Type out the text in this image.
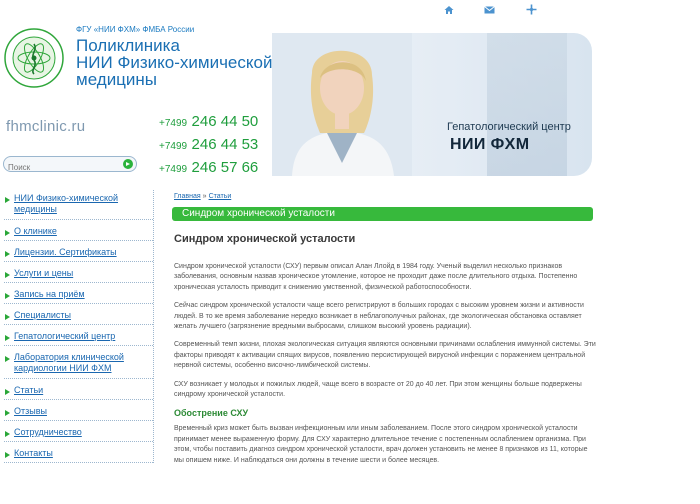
ФГУ «НИИ ФХМ» ФМБА России
Поликлиника
НИИ Физико-химической
медицины
fhmclinic.ru	+7499 246 44 50
+7499 246 44 53
+7499 246 57 66
Гепатологический центр
НИИ ФХМ
Поиск
НИИ Физико-химической медицины
О клинике
Лицензии. Сертификаты
Услуги и цены
Запись на приём
Специалисты
Гепатологический центр
Лаборатория клинической кардиологии НИИ ФХМ
Статьи
Отзывы
Сотрудничество
Контакты
Главная » Статьи
Синдром хронической усталости
Синдром хронической усталости

Синдром хронической усталости (СХУ) первым описал Алан Ллойд в 1984 году. Ученый выделил несколько признаков заболевания, основным назвав хроническое утомление, которое не проходит даже после длительного отдыха. Постепенно хроническая усталость приводит к снижению умственной, физической работоспособности.

Сейчас синдром хронической усталости чаще всего регистрируют в больших городах с высоким уровнем жизни и активности людей. В то же время заболевание нередко возникает в неблагополучных районах, где экологическая обстановка оставляет желать лучшего (загрязнение вредными выбросами, слишком высокий уровень радиации).

Современный темп жизни, плохая экологическая ситуация являются основными причинами ослабления иммунной системы. Эти факторы приводят к активации спящих вирусов, появлению персистирующей вирусной инфекции с поражением центральной нервной системы, особенно височно-лимбической системы.

СХУ возникает у молодых и пожилых людей, чаще всего в возрасте от 20 до 40 лет. При этом женщины больше подвержены синдрому хронической усталости.

Обострение СХУ

Временный криз может быть вызван инфекционным или иным заболеванием. После этого синдром хронической усталости принимает менее выраженную форму. Для СХУ характерно длительное течение с постепенным ослаблением организма. При этом, чтобы поставить диагноз синдром хронической усталости, врач должен установить не менее 8 признаков из 11, которые мы опишем ниже. И наблюдаться они должны в течение шести и более месяцев.
